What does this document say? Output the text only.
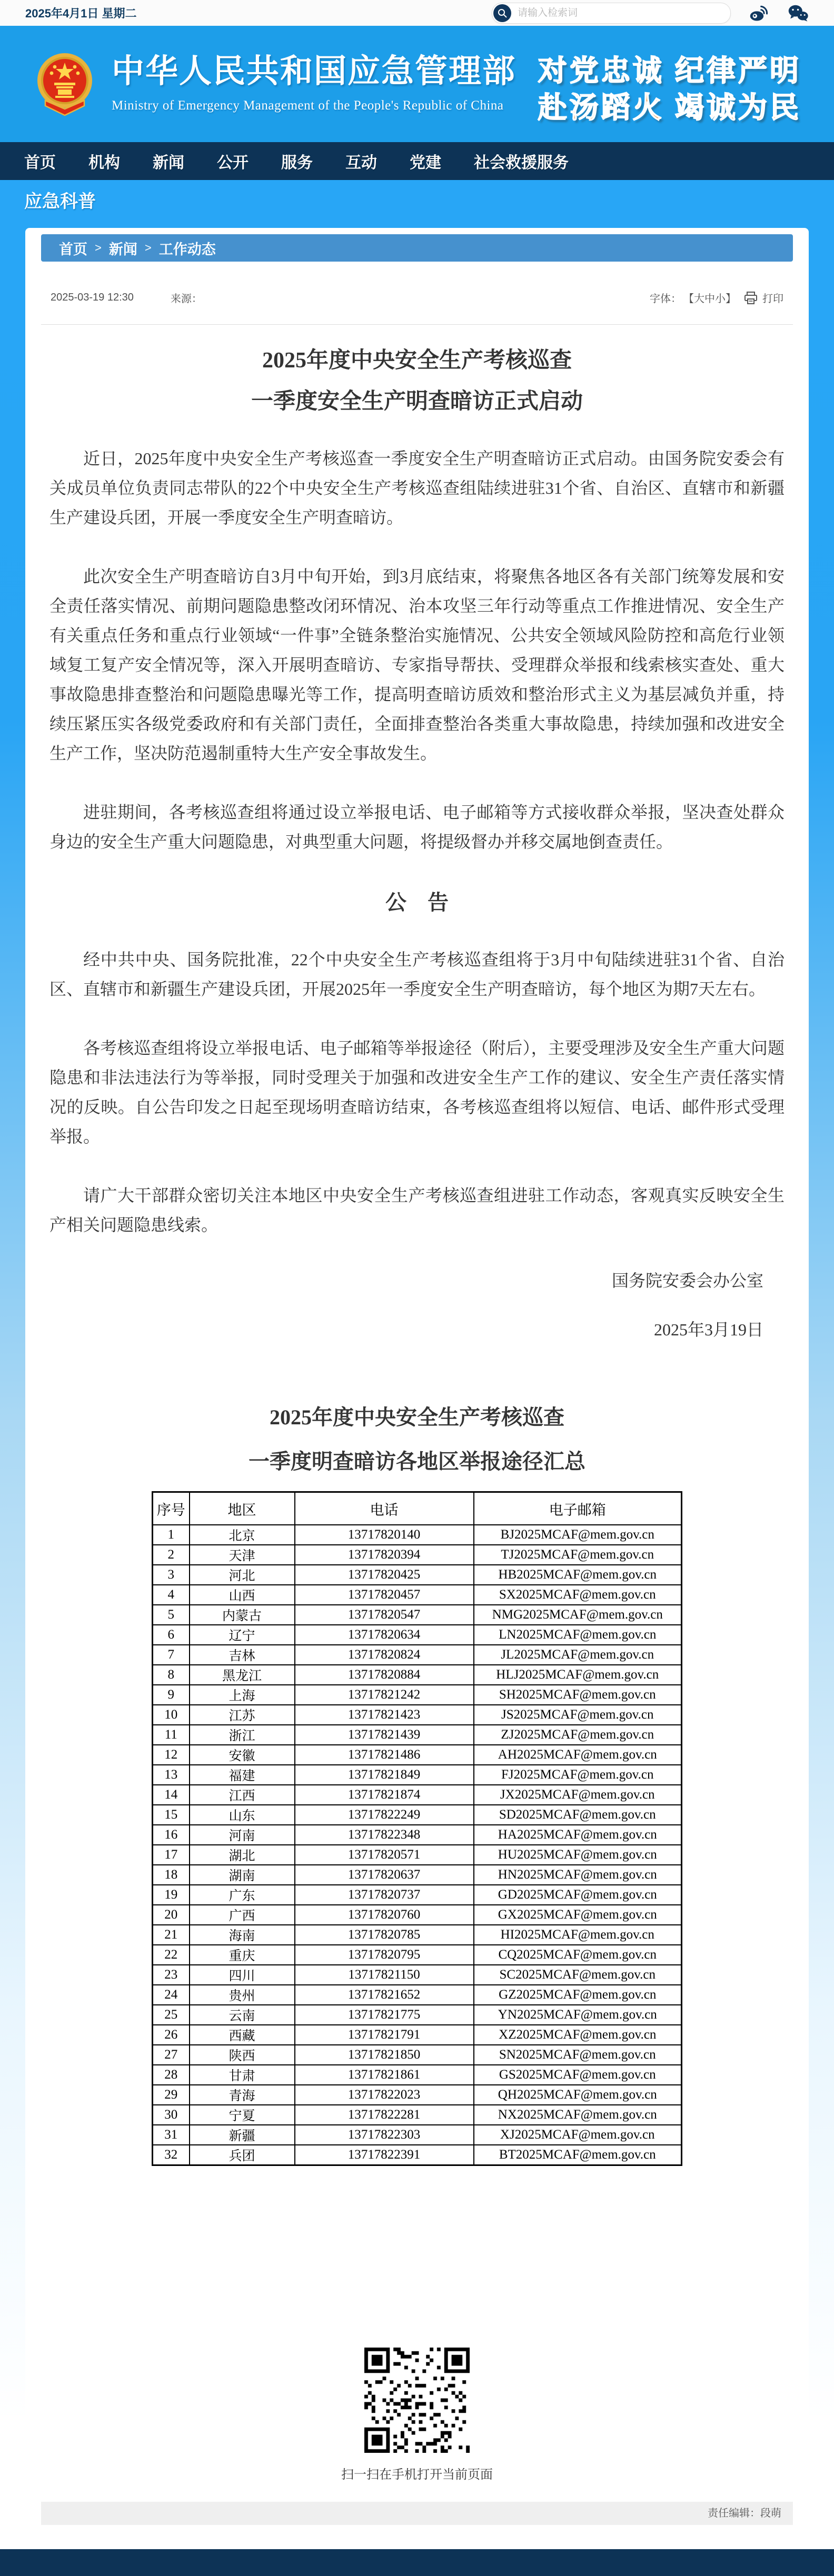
2025年4月1日 星期二
请输入检索词
中华人民共和国应急管理部
Ministry of Emergency Management of the People's Republic of China
对党忠诚 纪律严明
赴汤蹈火 竭诚为民
首页 机构 新闻 公开 服务 互动 党建 社会救援服务
应急科普
首页 > 新闻 > 工作动态
2025-03-19 12:30	来源：	字体： 【大中小】	打印
2025年度中央安全生产考核巡查
一季度安全生产明查暗访正式启动

近日，2025年度中央安全生产考核巡查一季度安全生产明查暗访正式启动。由国务院安委会有关成员单位负责同志带队的22个中央安全生产考核巡查组陆续进驻31个省、自治区、直辖市和新疆生产建设兵团，开展一季度安全生产明查暗访。

此次安全生产明查暗访自3月中旬开始，到3月底结束，将聚焦各地区各有关部门统筹发展和安全责任落实情况、前期问题隐患整改闭环情况、治本攻坚三年行动等重点工作推进情况、安全生产有关重点任务和重点行业领域“一件事”全链条整治实施情况、公共安全领域风险防控和高危行业领域复工复产安全情况等，深入开展明查暗访、专家指导帮扶、受理群众举报和线索核实查处、重大事故隐患排查整治和问题隐患曝光等工作，提高明查暗访质效和整治形式主义为基层减负并重，持续压紧压实各级党委政府和有关部门责任，全面排查整治各类重大事故隐患，持续加强和改进安全生产工作，坚决防范遏制重特大生产安全事故发生。

进驻期间，各考核巡查组将通过设立举报电话、电子邮箱等方式接收群众举报，坚决查处群众身边的安全生产重大问题隐患，对典型重大问题，将提级督办并移交属地倒查责任。

公　告

经中共中央、国务院批准，22个中央安全生产考核巡查组将于3月中旬陆续进驻31个省、自治区、直辖市和新疆生产建设兵团，开展2025年一季度安全生产明查暗访，每个地区为期7天左右。

各考核巡查组将设立举报电话、电子邮箱等举报途径（附后），主要受理涉及安全生产重大问题隐患和非法违法行为等举报，同时受理关于加强和改进安全生产工作的建议、安全生产责任落实情况的反映。自公告印发之日起至现场明查暗访结束，各考核巡查组将以短信、电话、邮件形式受理举报。

请广大干部群众密切关注本地区中央安全生产考核巡查组进驻工作动态，客观真实反映安全生产相关问题隐患线索。

国务院安委会办公室
2025年3月19日
2025年度中央安全生产考核巡查
一季度明查暗访各地区举报途径汇总
序号	地区	电话	电子邮箱
1	北京	13717820140	BJ2025MCAF@mem.gov.cn
2	天津	13717820394	TJ2025MCAF@mem.gov.cn
3	河北	13717820425	HB2025MCAF@mem.gov.cn
4	山西	13717820457	SX2025MCAF@mem.gov.cn
5	内蒙古	13717820547	NMG2025MCAF@mem.gov.cn
6	辽宁	13717820634	LN2025MCAF@mem.gov.cn
7	吉林	13717820824	JL2025MCAF@mem.gov.cn
8	黑龙江	13717820884	HLJ2025MCAF@mem.gov.cn
9	上海	13717821242	SH2025MCAF@mem.gov.cn
10	江苏	13717821423	JS2025MCAF@mem.gov.cn
11	浙江	13717821439	ZJ2025MCAF@mem.gov.cn
12	安徽	13717821486	AH2025MCAF@mem.gov.cn
13	福建	13717821849	FJ2025MCAF@mem.gov.cn
14	江西	13717821874	JX2025MCAF@mem.gov.cn
15	山东	13717822249	SD2025MCAF@mem.gov.cn
16	河南	13717822348	HA2025MCAF@mem.gov.cn
17	湖北	13717820571	HU2025MCAF@mem.gov.cn
18	湖南	13717820637	HN2025MCAF@mem.gov.cn
19	广东	13717820737	GD2025MCAF@mem.gov.cn
20	广西	13717820760	GX2025MCAF@mem.gov.cn
21	海南	13717820785	HI2025MCAF@mem.gov.cn
22	重庆	13717820795	CQ2025MCAF@mem.gov.cn
23	四川	13717821150	SC2025MCAF@mem.gov.cn
24	贵州	13717821652	GZ2025MCAF@mem.gov.cn
25	云南	13717821775	YN2025MCAF@mem.gov.cn
26	西藏	13717821791	XZ2025MCAF@mem.gov.cn
27	陕西	13717821850	SN2025MCAF@mem.gov.cn
28	甘肃	13717821861	GS2025MCAF@mem.gov.cn
29	青海	13717822023	QH2025MCAF@mem.gov.cn
30	宁夏	13717822281	NX2025MCAF@mem.gov.cn
31	新疆	13717822303	XJ2025MCAF@mem.gov.cn
32	兵团	13717822391	BT2025MCAF@mem.gov.cn
扫一扫在手机打开当前页面
责任编辑：段萌
